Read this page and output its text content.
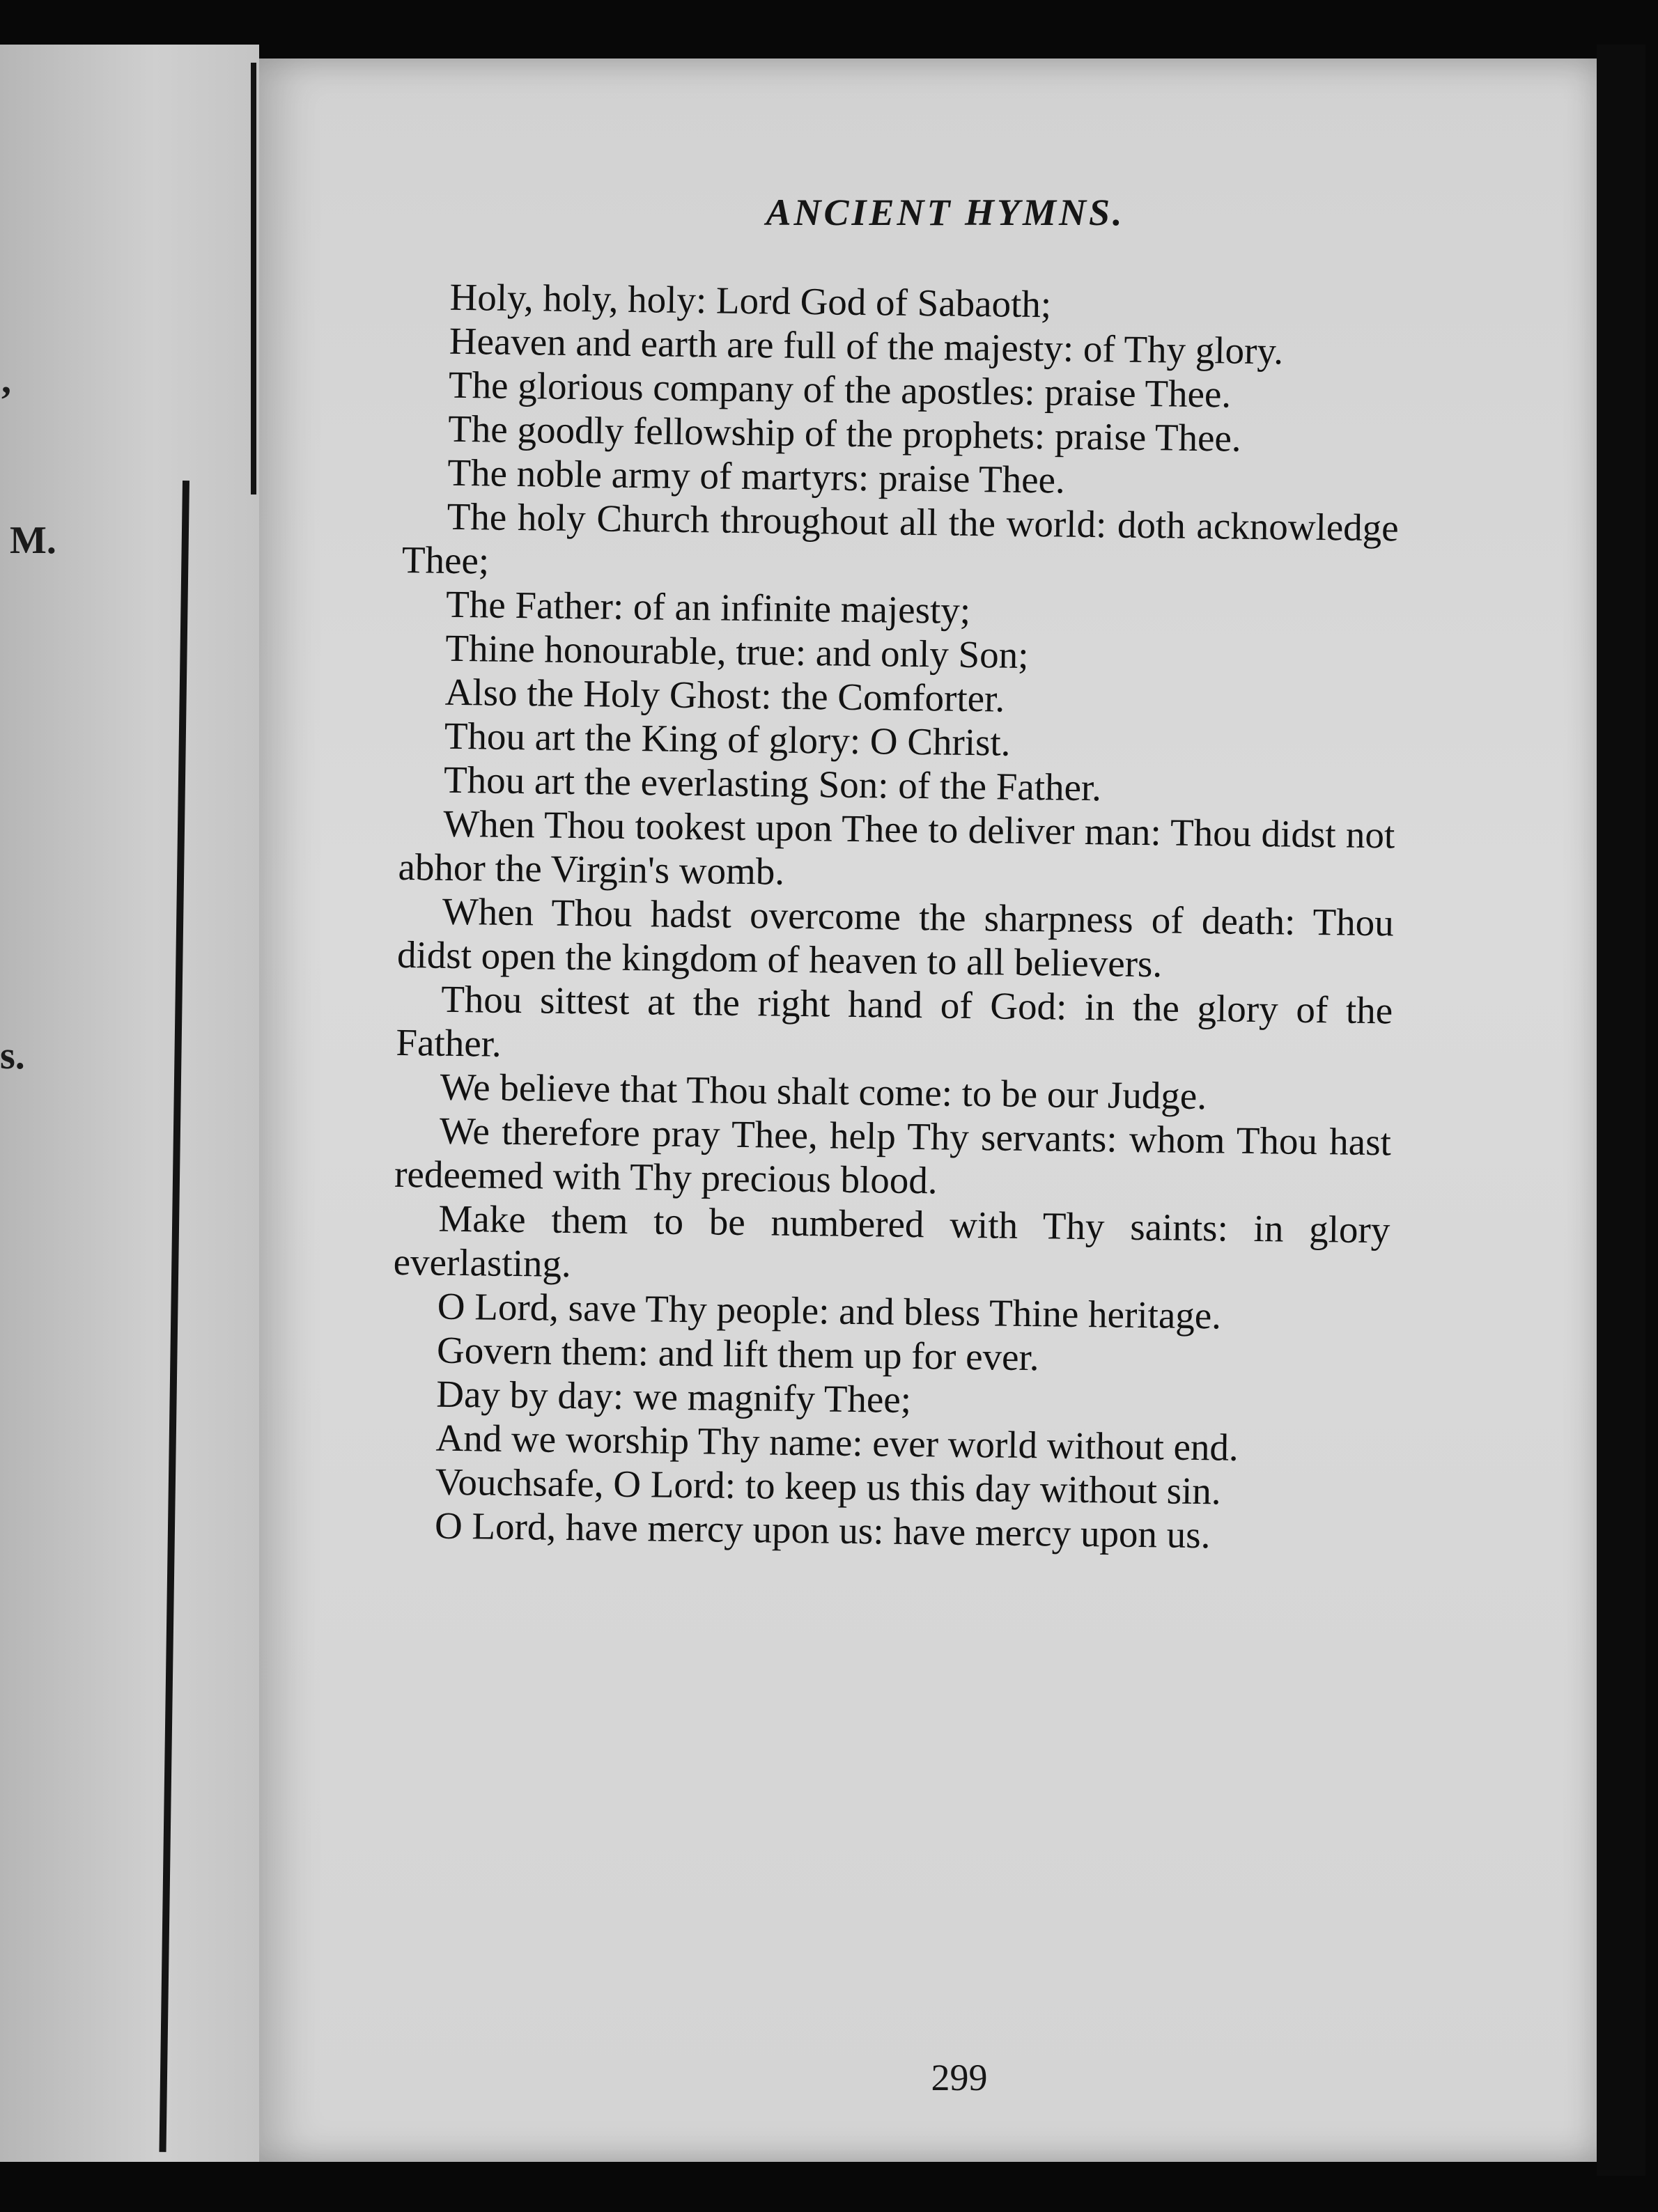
,
M.
s.
ANCIENT HYMNS.

Holy, holy, holy: Lord God of Sabaoth;

Heaven and earth are full of the majesty: of Thy glory.

The glorious company of the apostles: praise Thee.

The goodly fellowship of the prophets: praise Thee.

The noble army of martyrs: praise Thee.

The holy Church throughout all the world: doth acknowledge Thee;

The Father: of an infinite majesty;

Thine honourable, true: and only Son;

Also the Holy Ghost: the Comforter.

Thou art the King of glory: O Christ.

Thou art the everlasting Son: of the Father.

When Thou tookest upon Thee to deliver man: Thou didst not abhor the Virgin's womb.

When Thou hadst overcome the sharpness of death: Thou didst open the kingdom of heaven to all believers.

Thou sittest at the right hand of God: in the glory of the Father.

We believe that Thou shalt come: to be our Judge.

We therefore pray Thee, help Thy servants: whom Thou hast redeemed with Thy precious blood.

Make them to be numbered with Thy saints: in glory everlasting.

O Lord, save Thy people: and bless Thine heritage.

Govern them: and lift them up for ever.

Day by day: we magnify Thee;

And we worship Thy name: ever world without end.

Vouchsafe, O Lord: to keep us this day without sin.

O Lord, have mercy upon us: have mercy upon us.

299
